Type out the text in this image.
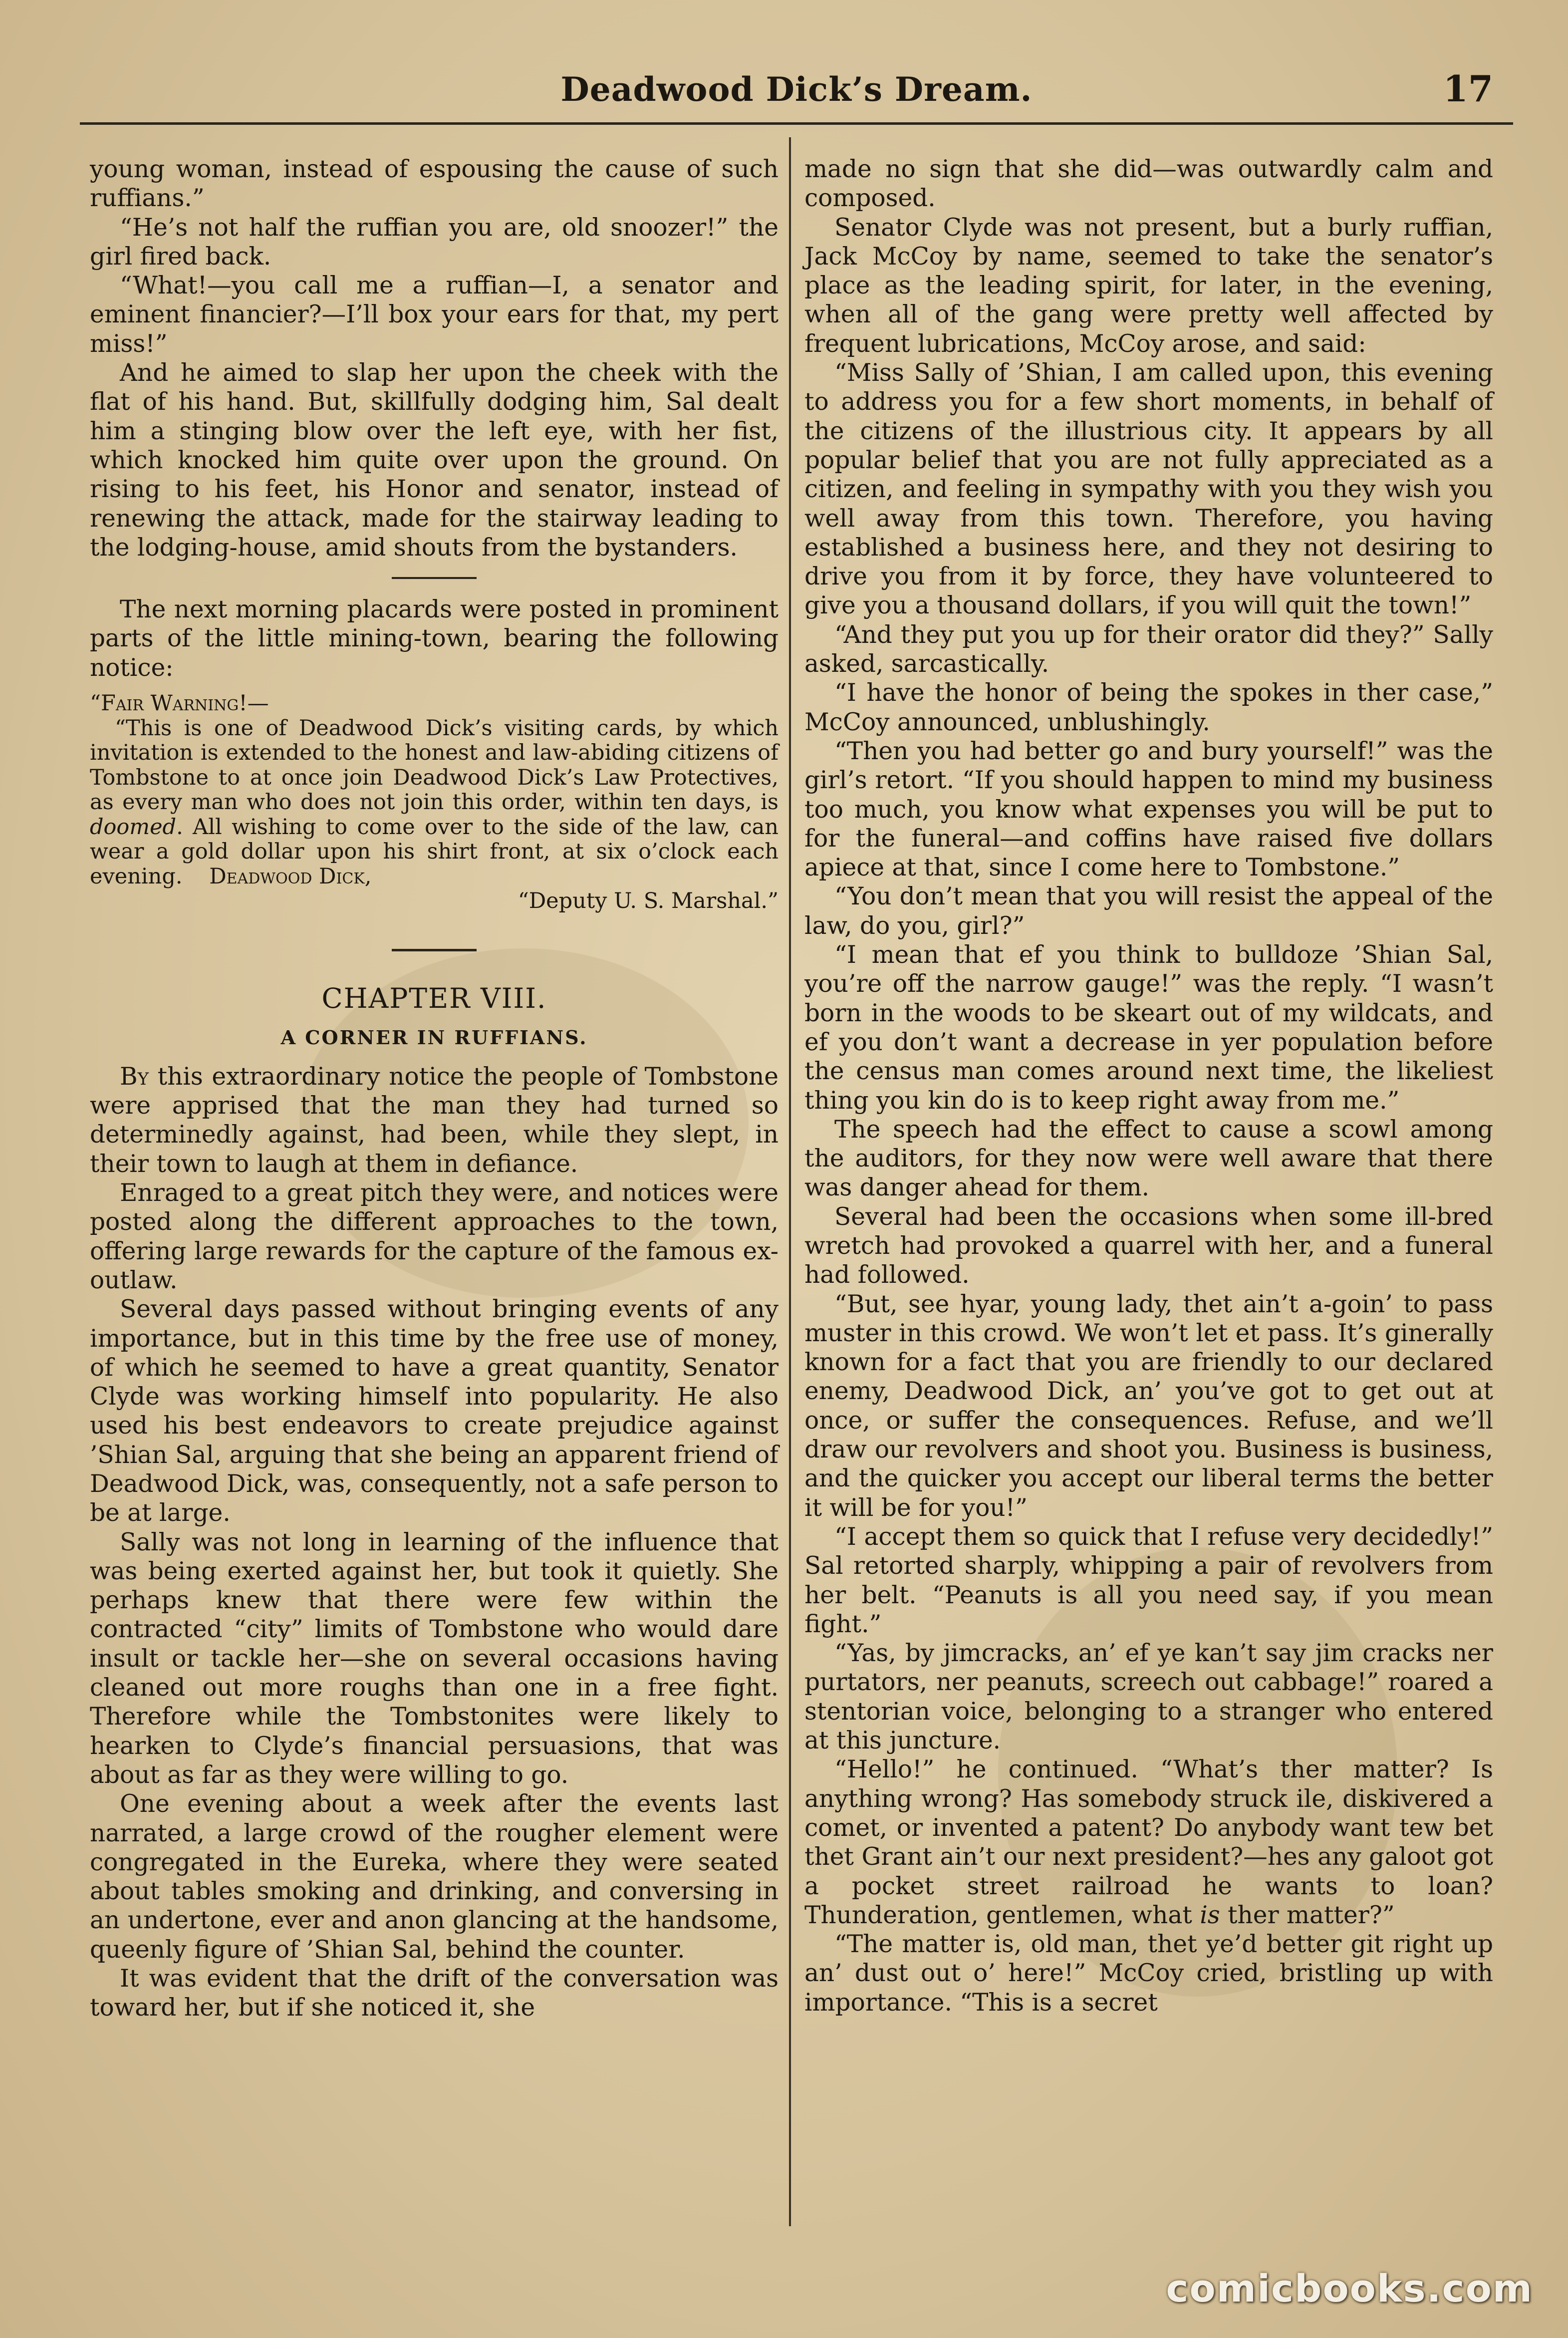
Deadwood Dick’s Dream.	17

young woman, instead of espousing the cause of such ruffians.”

“He’s not half the ruffian you are, old snoozer!” the girl fired back.

“What!—you call me a ruffian—I, a senator and eminent financier?—I’ll box your ears for that, my pert miss!”

And he aimed to slap her upon the cheek with the flat of his hand. But, skillfully dodging him, Sal dealt him a stinging blow over the left eye, with her fist, which knocked him quite over upon the ground. On rising to his feet, his Honor and senator, instead of renewing the attack, made for the stairway leading to the lodging-house, amid shouts from the bystanders.

The next morning placards were posted in prominent parts of the little mining-town, bearing the following notice:

“Fair Warning!—

“This is one of Deadwood Dick’s visiting cards, by which invitation is extended to the honest and law-abiding citizens of Tombstone to at once join Deadwood Dick’s Law Protectives, as every man who does not join this order, within ten days, is doomed. All wishing to come over to the side of the law, can wear a gold dollar upon his shirt front, at six o’clock each evening. Deadwood Dick,

“Deputy U. S. Marshal.”

CHAPTER VIII.
A CORNER IN RUFFIANS.

By this extraordinary notice the people of Tombstone were apprised that the man they had turned so determinedly against, had been, while they slept, in their town to laugh at them in defiance.

Enraged to a great pitch they were, and notices were posted along the different approaches to the town, offering large rewards for the capture of the famous ex-outlaw.

Several days passed without bringing events of any importance, but in this time by the free use of money, of which he seemed to have a great quantity, Senator Clyde was working himself into popularity. He also used his best endeavors to create prejudice against ’Shian Sal, arguing that she being an apparent friend of Deadwood Dick, was, consequently, not a safe person to be at large.

Sally was not long in learning of the influence that was being exerted against her, but took it quietly. She perhaps knew that there were few within the contracted “city” limits of Tombstone who would dare insult or tackle her—she on several occasions having cleaned out more roughs than one in a free fight. Therefore while the Tombstonites were likely to hearken to Clyde’s financial persuasions, that was about as far as they were willing to go.

One evening about a week after the events last narrated, a large crowd of the rougher element were congregated in the Eureka, where they were seated about tables smoking and drinking, and conversing in an undertone, ever and anon glancing at the handsome, queenly figure of ’Shian Sal, behind the counter.

It was evident that the drift of the conversation was toward her, but if she noticed it, she

made no sign that she did—was outwardly calm and composed.

Senator Clyde was not present, but a burly ruffian, Jack McCoy by name, seemed to take the senator’s place as the leading spirit, for later, in the evening, when all of the gang were pretty well affected by frequent lubrications, McCoy arose, and said:

“Miss Sally of ’Shian, I am called upon, this evening to address you for a few short moments, in behalf of the citizens of the illustrious city. It appears by all popular belief that you are not fully appreciated as a citizen, and feeling in sympathy with you they wish you well away from this town. Therefore, you having established a business here, and they not desiring to drive you from it by force, they have volunteered to give you a thousand dollars, if you will quit the town!”

“And they put you up for their orator did they?” Sally asked, sarcastically.

“I have the honor of being the spokes in ther case,” McCoy announced, unblushingly.

“Then you had better go and bury yourself!” was the girl’s retort. “If you should happen to mind my business too much, you know what expenses you will be put to for the funeral—and coffins have raised five dollars apiece at that, since I come here to Tombstone.”

“You don’t mean that you will resist the appeal of the law, do you, girl?”

“I mean that ef you think to bulldoze ’Shian Sal, you’re off the narrow gauge!” was the reply. “I wasn’t born in the woods to be skeart out of my wildcats, and ef you don’t want a decrease in yer population before the census man comes around next time, the likeliest thing you kin do is to keep right away from me.”

The speech had the effect to cause a scowl among the auditors, for they now were well aware that there was danger ahead for them.

Several had been the occasions when some ill-bred wretch had provoked a quarrel with her, and a funeral had followed.

“But, see hyar, young lady, thet ain’t a-goin’ to pass muster in this crowd. We won’t let et pass. It’s ginerally known for a fact that you are friendly to our declared enemy, Deadwood Dick, an’ you’ve got to get out at once, or suffer the consequences. Refuse, and we’ll draw our revolvers and shoot you. Business is business, and the quicker you accept our liberal terms the better it will be for you!”

“I accept them so quick that I refuse very decidedly!” Sal retorted sharply, whipping a pair of revolvers from her belt. “Peanuts is all you need say, if you mean fight.”

“Yas, by jimcracks, an’ ef ye kan’t say jim cracks ner purtators, ner peanuts, screech out cabbage!” roared a stentorian voice, belonging to a stranger who entered at this juncture.

“Hello!” he continued. “What’s ther matter? Is anything wrong? Has somebody struck ile, diskivered a comet, or invented a patent? Do anybody want tew bet thet Grant ain’t our next president?—hes any galoot got a pocket street railroad he wants to loan? Thunderation, gentlemen, what is ther matter?”

“The matter is, old man, thet ye’d better git right up an’ dust out o’ here!” McCoy cried, bristling up with importance. “This is a secret

comicbooks.com
